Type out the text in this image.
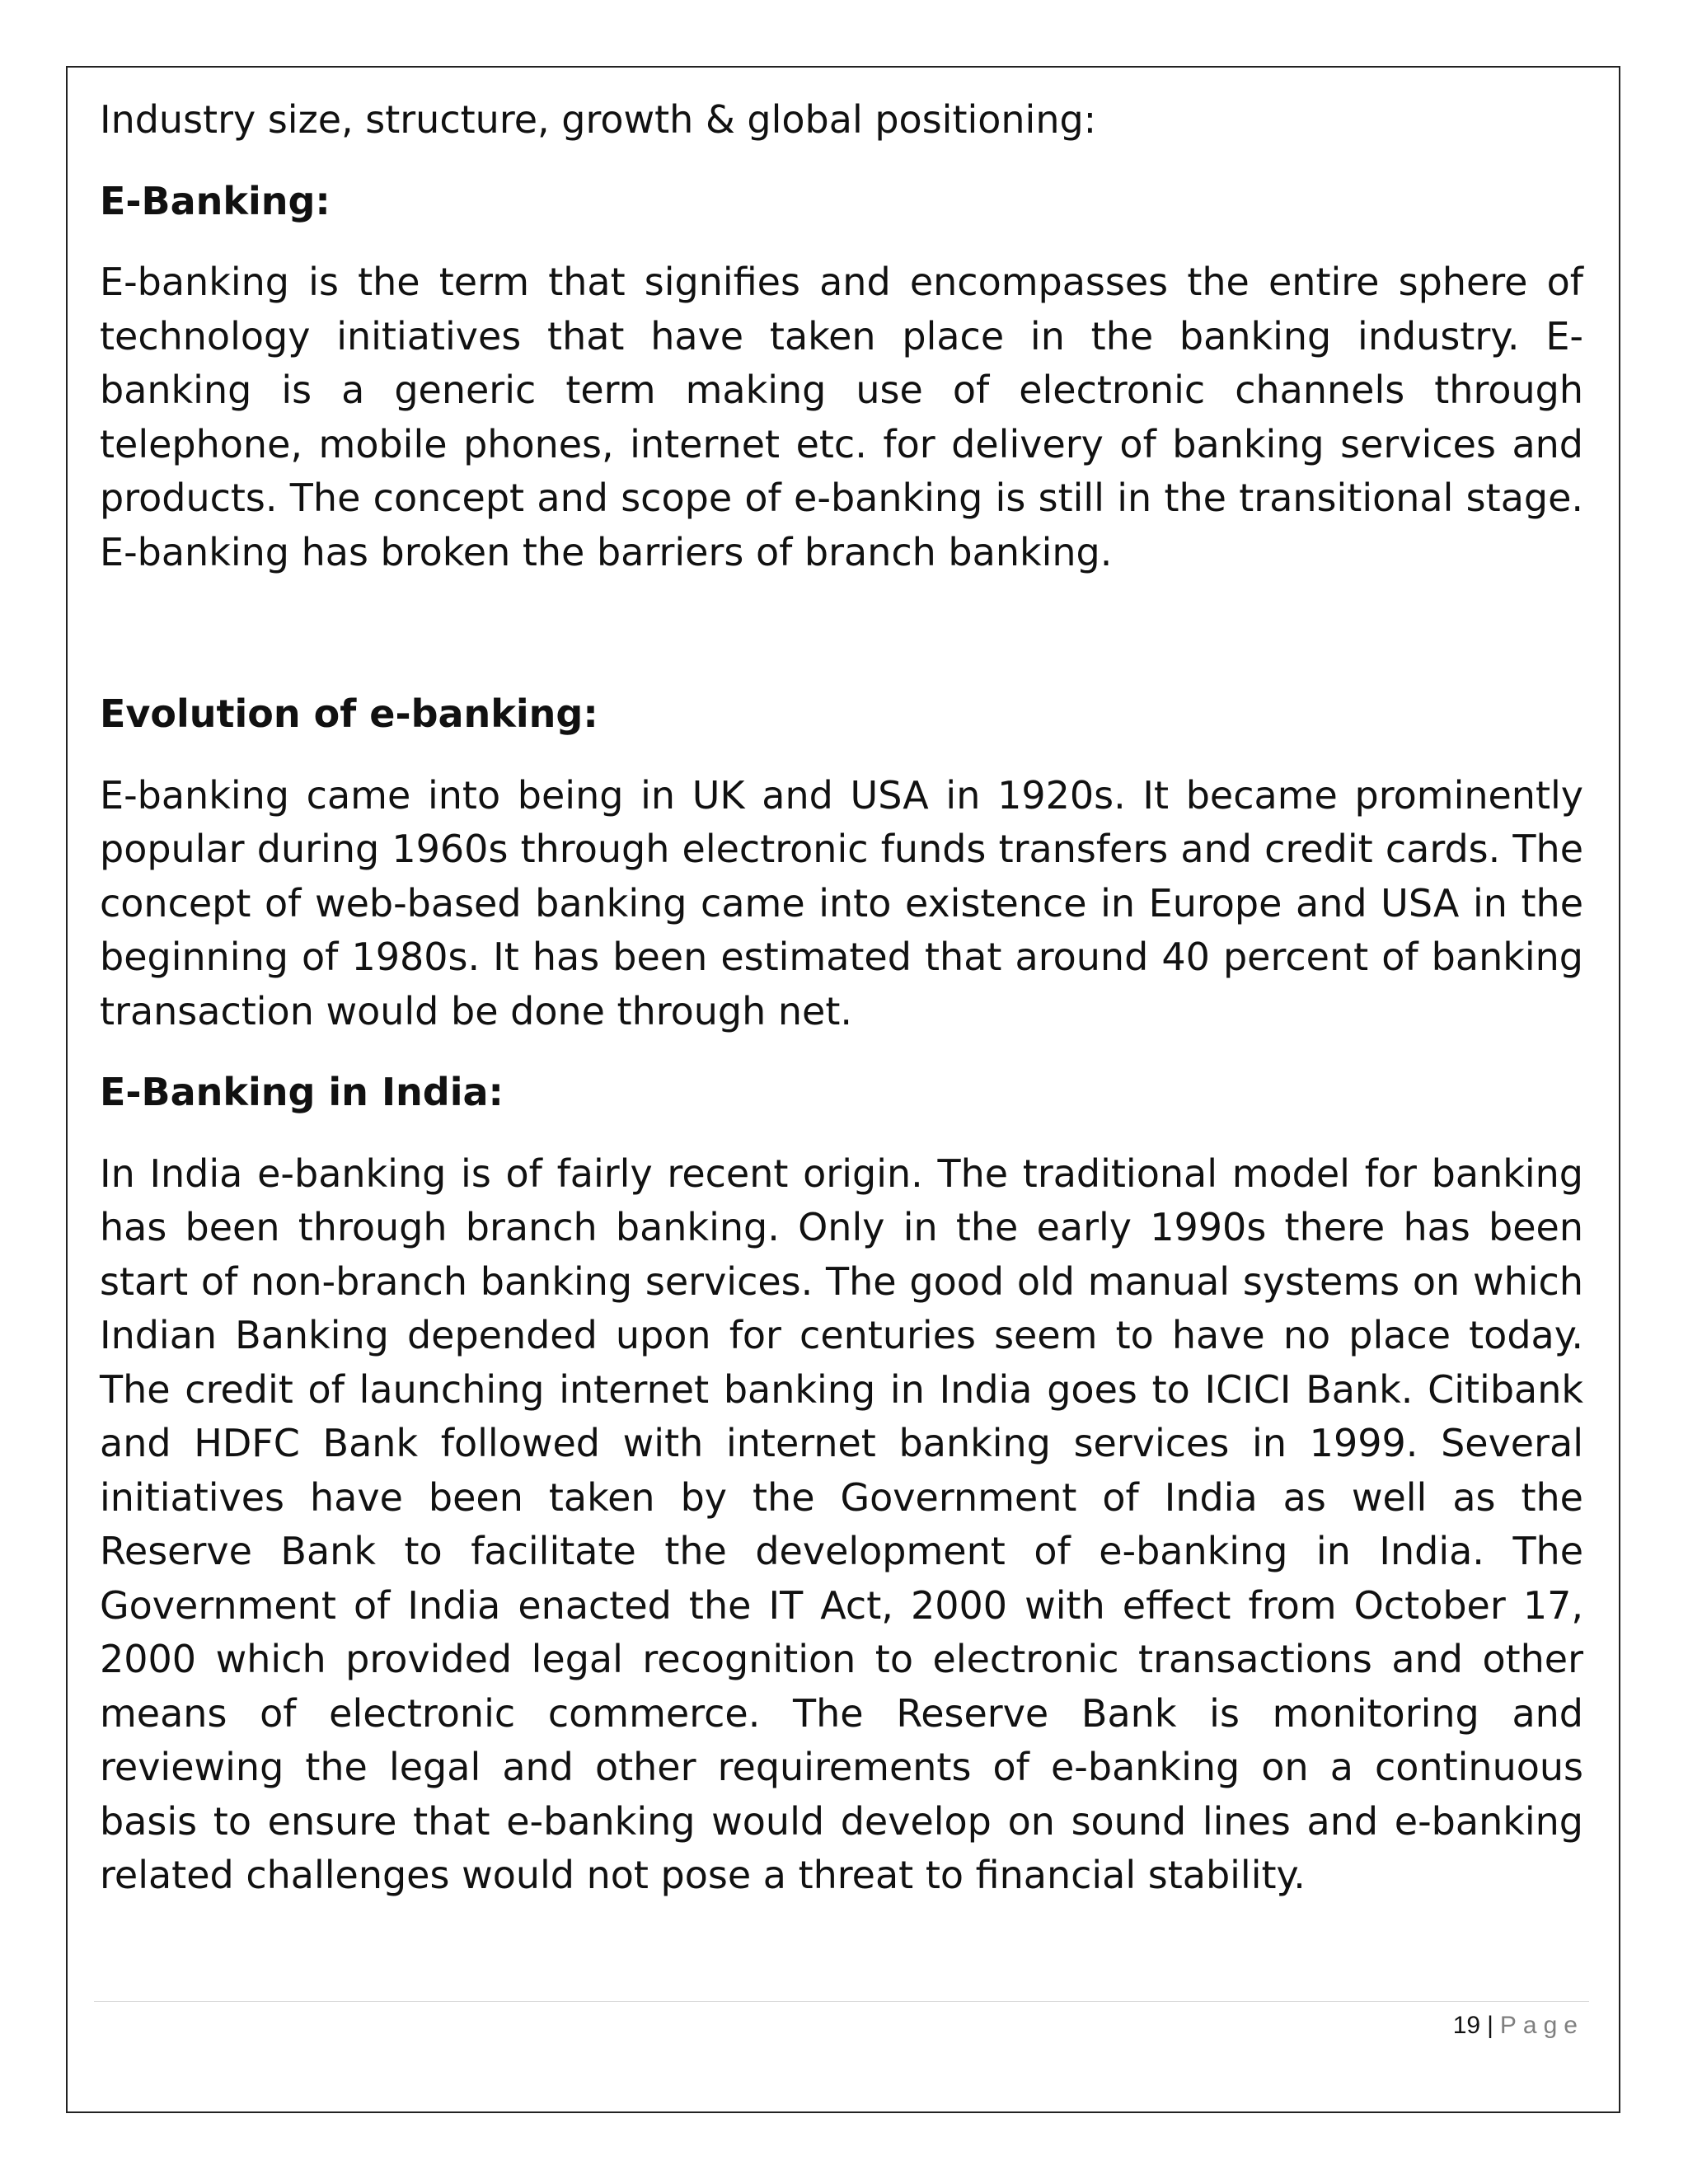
Industry size, structure, growth & global positioning:

E-Banking:

E-banking is the term that signifies and encompasses the entire sphere of technology initiatives that have taken place in the banking industry. E-banking is a generic term making use of electronic channels through telephone, mobile phones, internet etc. for delivery of banking services and products. The concept and scope of e-banking is still in the transitional stage. E-banking has broken the barriers of branch banking.

Evolution of e-banking:

E-banking came into being in UK and USA in 1920s. It became prominently popular during 1960s through electronic funds transfers and credit cards. The concept of web-based banking came into existence in Europe and USA in the beginning of 1980s. It has been estimated that around 40 percent of banking transaction would be done through net.

E-Banking in India:

In India e-banking is of fairly recent origin. The traditional model for banking has been through branch banking. Only in the early 1990s there has been start of non-branch banking services. The good old manual systems on which Indian Banking depended upon for centuries seem to have no place today. The credit of launching internet banking in India goes to ICICI Bank. Citibank and HDFC Bank followed with internet banking services in 1999. Several initiatives have been taken by the Government of India as well as the Reserve Bank to facilitate the development of e-banking in India. The Government of India enacted the IT Act, 2000 with effect from October 17, 2000 which provided legal recognition to electronic transactions and other means of electronic commerce. The Reserve Bank is monitoring and reviewing the legal and other requirements of e-banking on a continuous basis to ensure that e-banking would develop on sound lines and e-banking related challenges would not pose a threat to financial stability.

19 | Page
